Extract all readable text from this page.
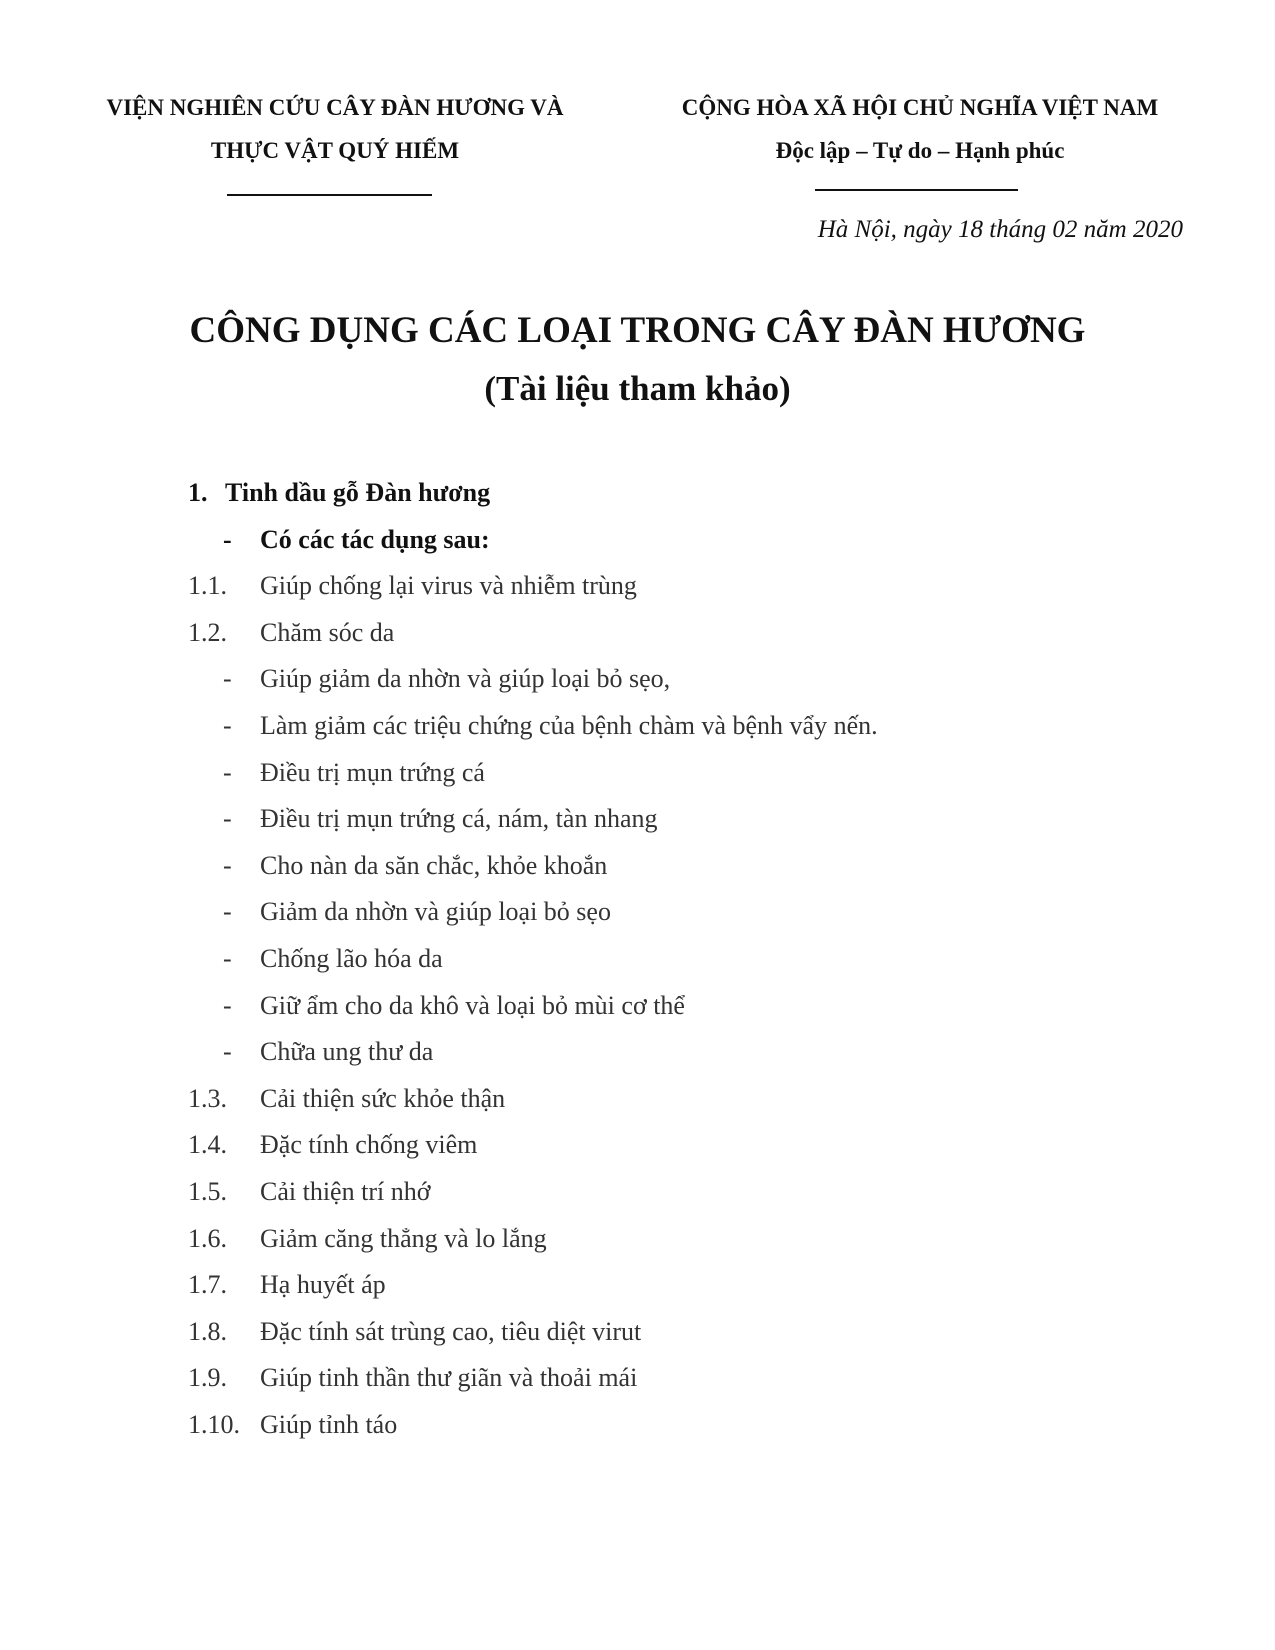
VIỆN NGHIÊN CỨU CÂY ĐÀN HƯƠNG VÀ
THỰC VẬT QUÝ HIẾM
CỘNG HÒA XÃ HỘI CHỦ NGHĨA VIỆT NAM
Độc lập – Tự do – Hạnh phúc
Hà Nội, ngày 18 tháng 02 năm 2020
CÔNG DỤNG CÁC LOẠI TRONG CÂY ĐÀN HƯƠNG
(Tài liệu tham khảo)
1. Tinh dầu gỗ Đàn hương
- Có các tác dụng sau:
1.1. Giúp chống lại virus và nhiễm trùng
1.2. Chăm sóc da
- Giúp giảm da nhờn và giúp loại bỏ sẹo,
- Làm giảm các triệu chứng của bệnh chàm và bệnh vẩy nến.
- Điều trị mụn trứng cá
- Điều trị mụn trứng cá, nám, tàn nhang
- Cho nàn da săn chắc, khỏe khoắn
- Giảm da nhờn và giúp loại bỏ sẹo
- Chống lão hóa da
- Giữ ẩm cho da khô và loại bỏ mùi cơ thể
- Chữa ung thư da
1.3. Cải thiện sức khỏe thận
1.4. Đặc tính chống viêm
1.5. Cải thiện trí nhớ
1.6. Giảm căng thẳng và lo lắng
1.7. Hạ huyết áp
1.8. Đặc tính sát trùng cao, tiêu diệt virut
1.9. Giúp tinh thần thư giãn và thoải mái
1.10. Giúp tỉnh táo
